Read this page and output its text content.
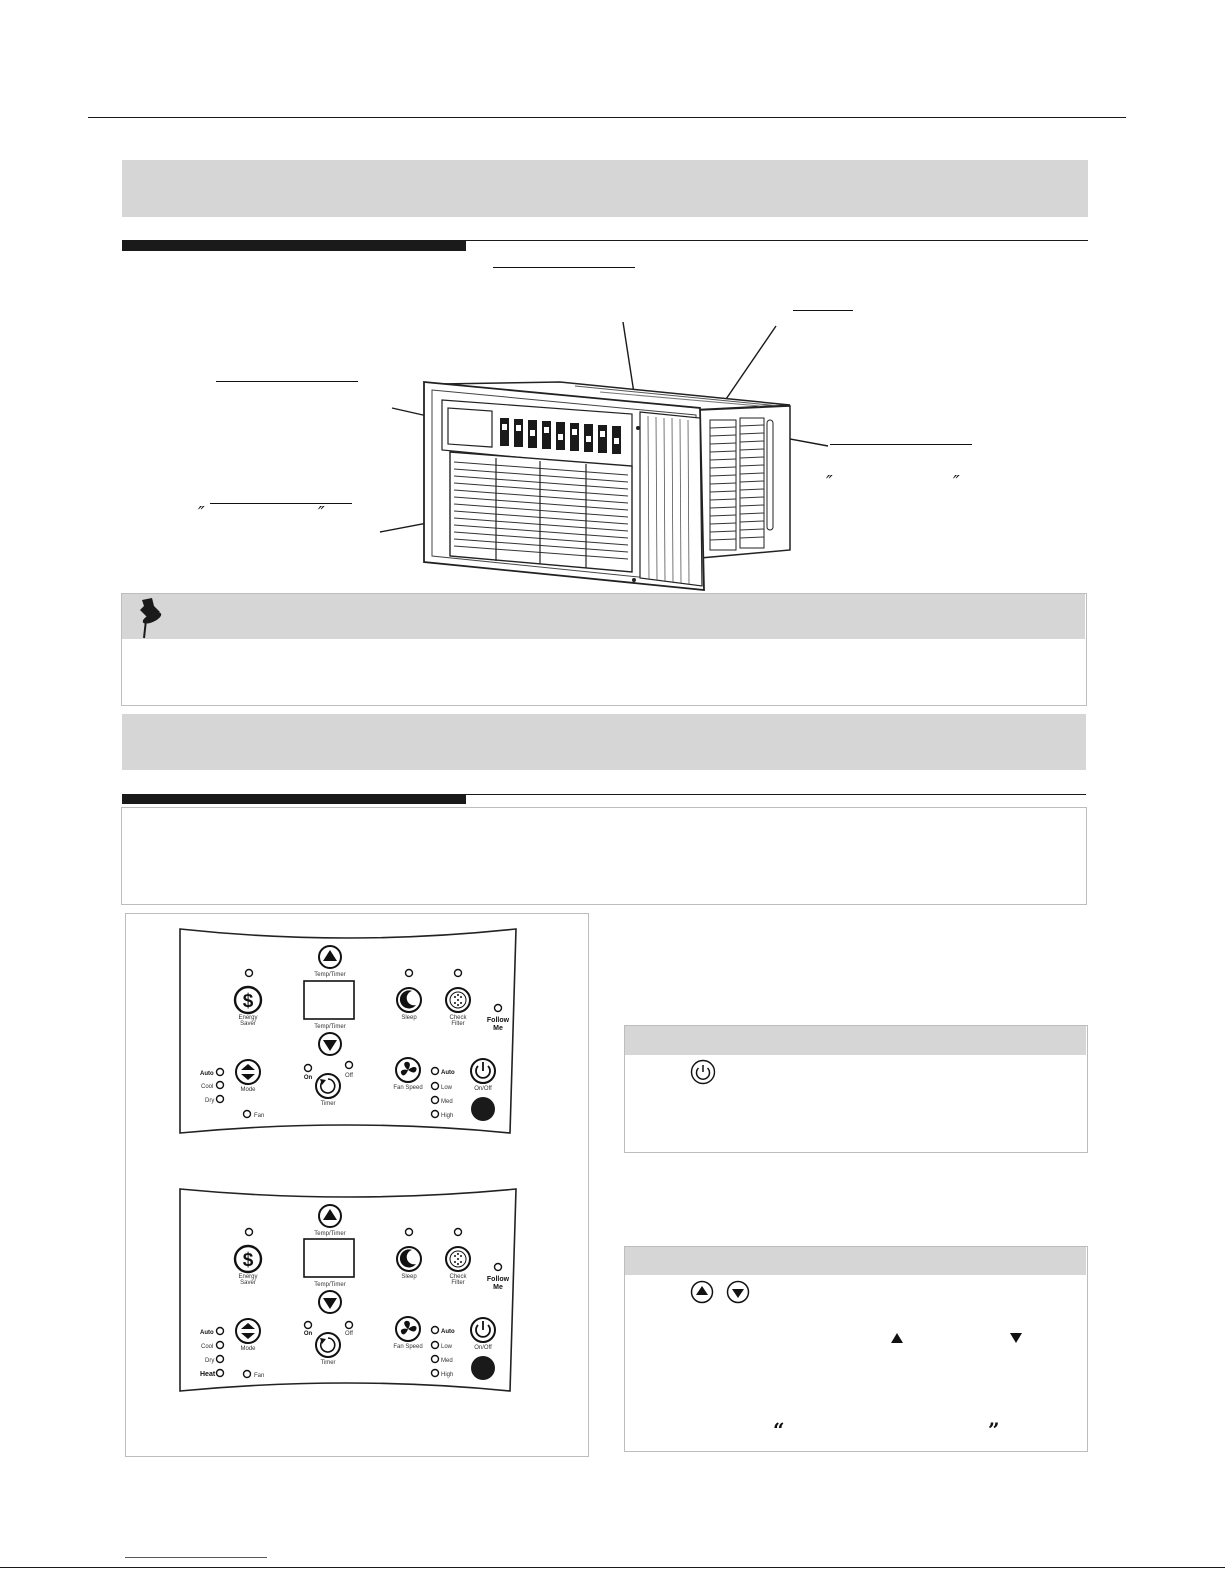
″	″
″	″
Temp/Timer
Temp/Timer
$
Energy
Saver
Sleep	Check
Filter	Follow
Me
Mode
Auto
Cool
Dry
Fan
On	Off
Timer
Fan Speed
Auto
Low
Med
High
On/Off
Temp/Timer
Temp/Timer
$
Energy
Saver
Sleep	Check
Filter	Follow
Me
Mode
Auto
Cool
Dry
Heat	Fan
On	Off
Timer
Fan Speed
Auto
Low
Med
High
On/Off
“	”
